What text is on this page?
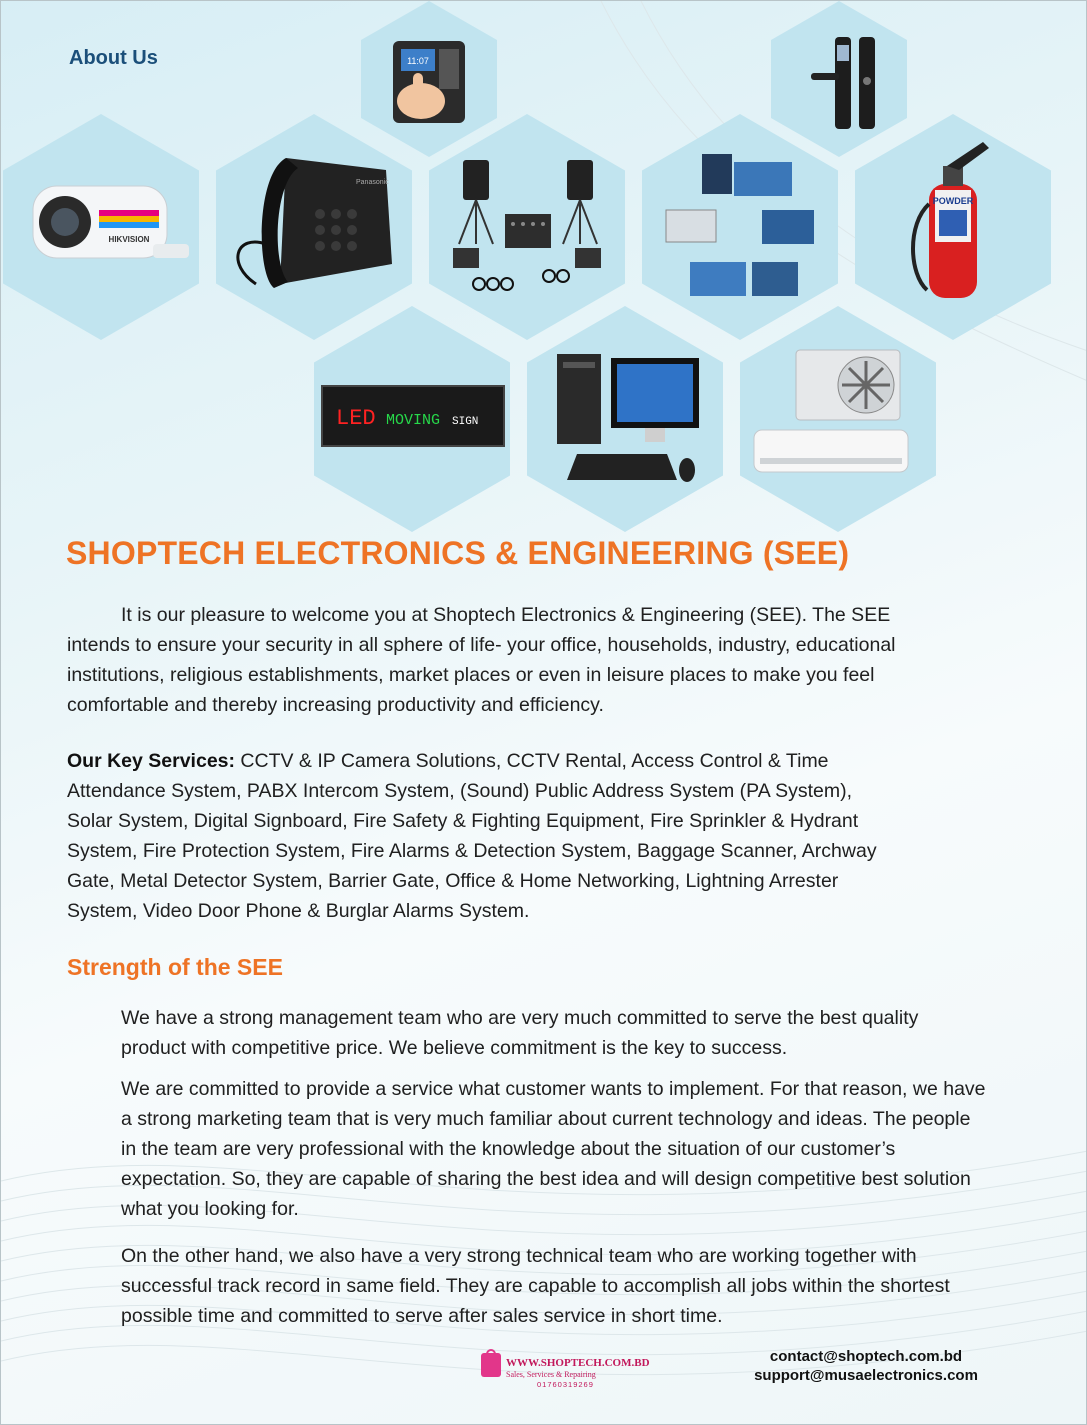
About Us	11:07
HIKVISION
Panasonic
POWDER
LED MOVING SIGN
SHOPTECH ELECTRONICS & ENGINEERING (SEE)

It is our pleasure to welcome you at Shoptech Electronics & Engineering (SEE). The SEE intends to ensure your security in all sphere of life- your office, households, industry, educational institutions, religious establishments, market places or even in leisure places to make you feel comfortable and thereby increasing productivity and efficiency.

Our Key Services: CCTV & IP Camera Solutions, CCTV Rental, Access Control & Time Attendance System, PABX Intercom System, (Sound) Public Address System (PA System), Solar System, Digital Signboard, Fire Safety & Fighting Equipment, Fire Sprinkler & Hydrant System, Fire Protection System, Fire Alarms & Detection System, Baggage Scanner, Archway Gate, Metal Detector System, Barrier Gate, Office & Home Networking, Lightning Arrester System, Video Door Phone & Burglar Alarms System.

Strength of the SEE

We have a strong management team who are very much committed to serve the best quality product with competitive price. We believe commitment is the key to success.

We are committed to provide a service what customer wants to implement. For that reason, we have a strong marketing team that is very much familiar about current technology and ideas. The people in the team are very professional with the knowledge about the situation of our customer’s expectation. So, they are capable of sharing the best idea and will design competitive best solution what you looking for.

On the other hand, we also have a very strong technical team who are working together with successful track record in same field. They are capable to accomplish all jobs within the shortest possible time and committed to serve after sales service in short time.

WWW.SHOPTECH.COM.BD
Sales, Services & Repairing
01760319269
contact@shoptech.com.bd
support@musaelectronics.com
